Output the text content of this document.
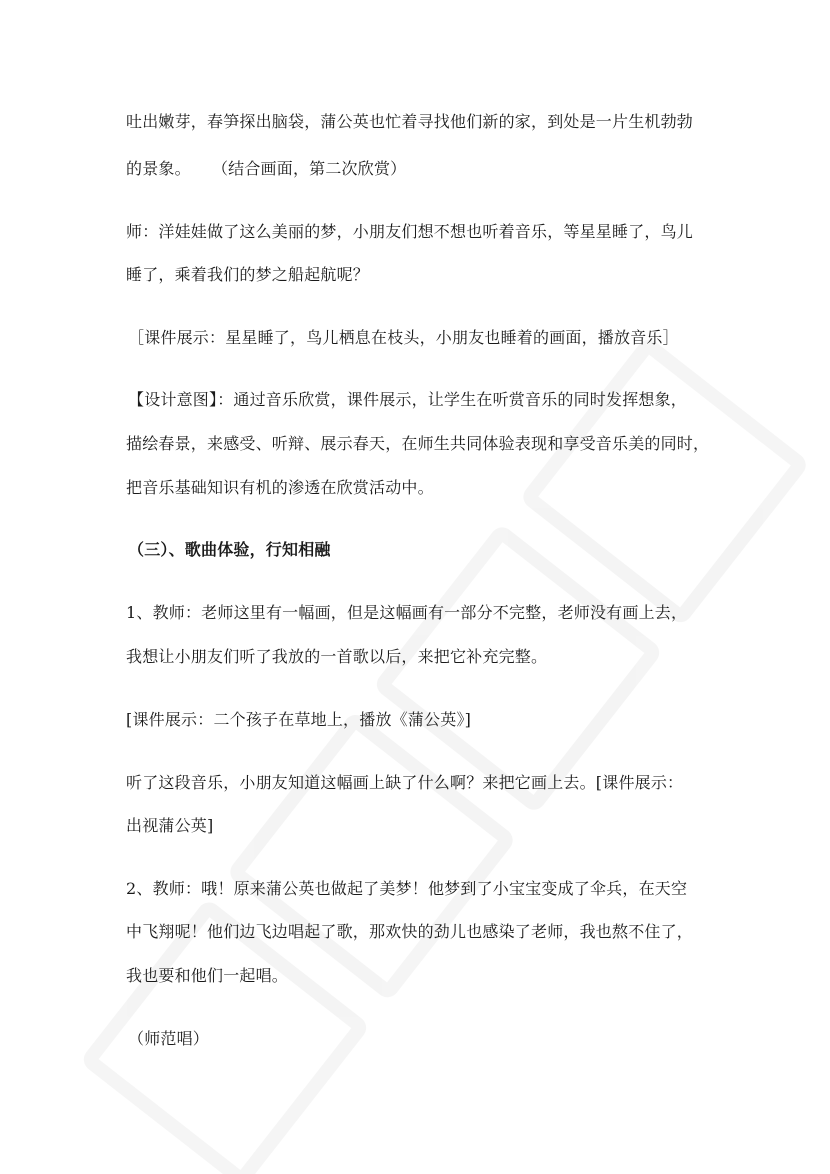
吐出嫩芽，春笋探出脑袋，蒲公英也忙着寻找他们新的家，到处是一片生机勃勃
的景象。    （结合画面，第二次欣赏）
师：洋娃娃做了这么美丽的梦，小朋友们想不想也听着音乐，等星星睡了，鸟儿
睡了，乘着我们的梦之船起航呢？
［课件展示：星星睡了，鸟儿栖息在枝头，小朋友也睡着的画面，播放音乐］
【设计意图】：通过音乐欣赏，课件展示，让学生在听赏音乐的同时发挥想象，
描绘春景，来感受、听辩、展示春天，在师生共同体验表现和享受音乐美的同时，
把音乐基础知识有机的渗透在欣赏活动中。
（三）、歌曲体验，行知相融
1、教师：老师这里有一幅画，但是这幅画有一部分不完整，老师没有画上去，
我想让小朋友们听了我放的一首歌以后，来把它补充完整。
[课件展示：二个孩子在草地上，播放《蒲公英》]
听了这段音乐，小朋友知道这幅画上缺了什么啊？来把它画上去。[课件展示：
出视蒲公英]
2、教师：哦！原来蒲公英也做起了美梦！他梦到了小宝宝变成了伞兵，在天空
中飞翔呢！他们边飞边唱起了歌，那欢快的劲儿也感染了老师，我也熬不住了，
我也要和他们一起唱。
（师范唱）
